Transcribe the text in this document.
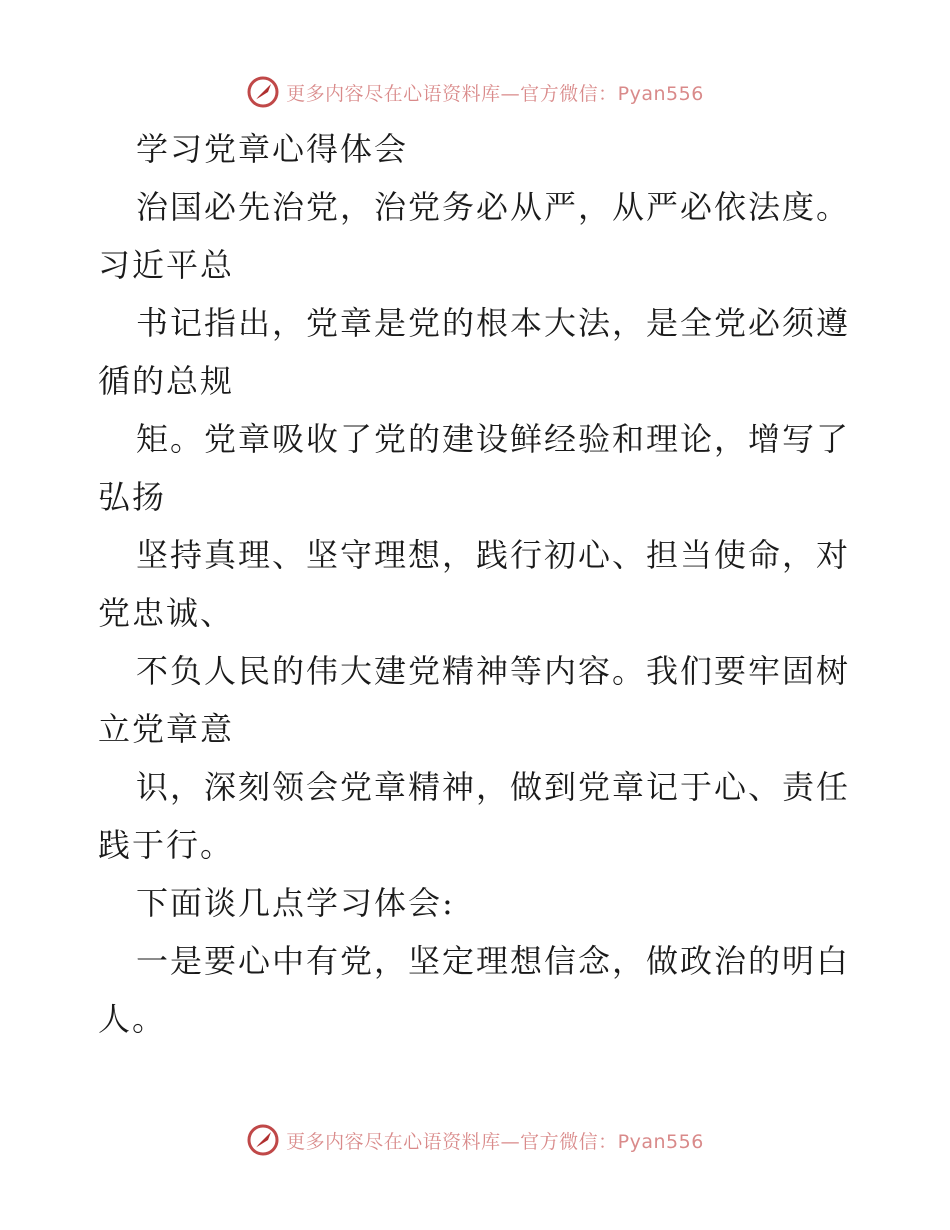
更多内容尽在心语资料库—官方微信：Pyan556
学习党章心得体会
治国必先治党，治党务必从严，从严必依法度。
习近平总
书记指出，党章是党的根本大法，是全党必须遵
循的总规
矩。党章吸收了党的建设鲜经验和理论，增写了
弘扬
坚持真理、坚守理想，践行初心、担当使命，对
党忠诚、
不负人民的伟大建党精神等内容。我们要牢固树
立党章意
识，深刻领会党章精神，做到党章记于心、责任
践于行。
下面谈几点学习体会:
一是要心中有党，坚定理想信念，做政治的明白
人。
更多内容尽在心语资料库—官方微信：Pyan556
